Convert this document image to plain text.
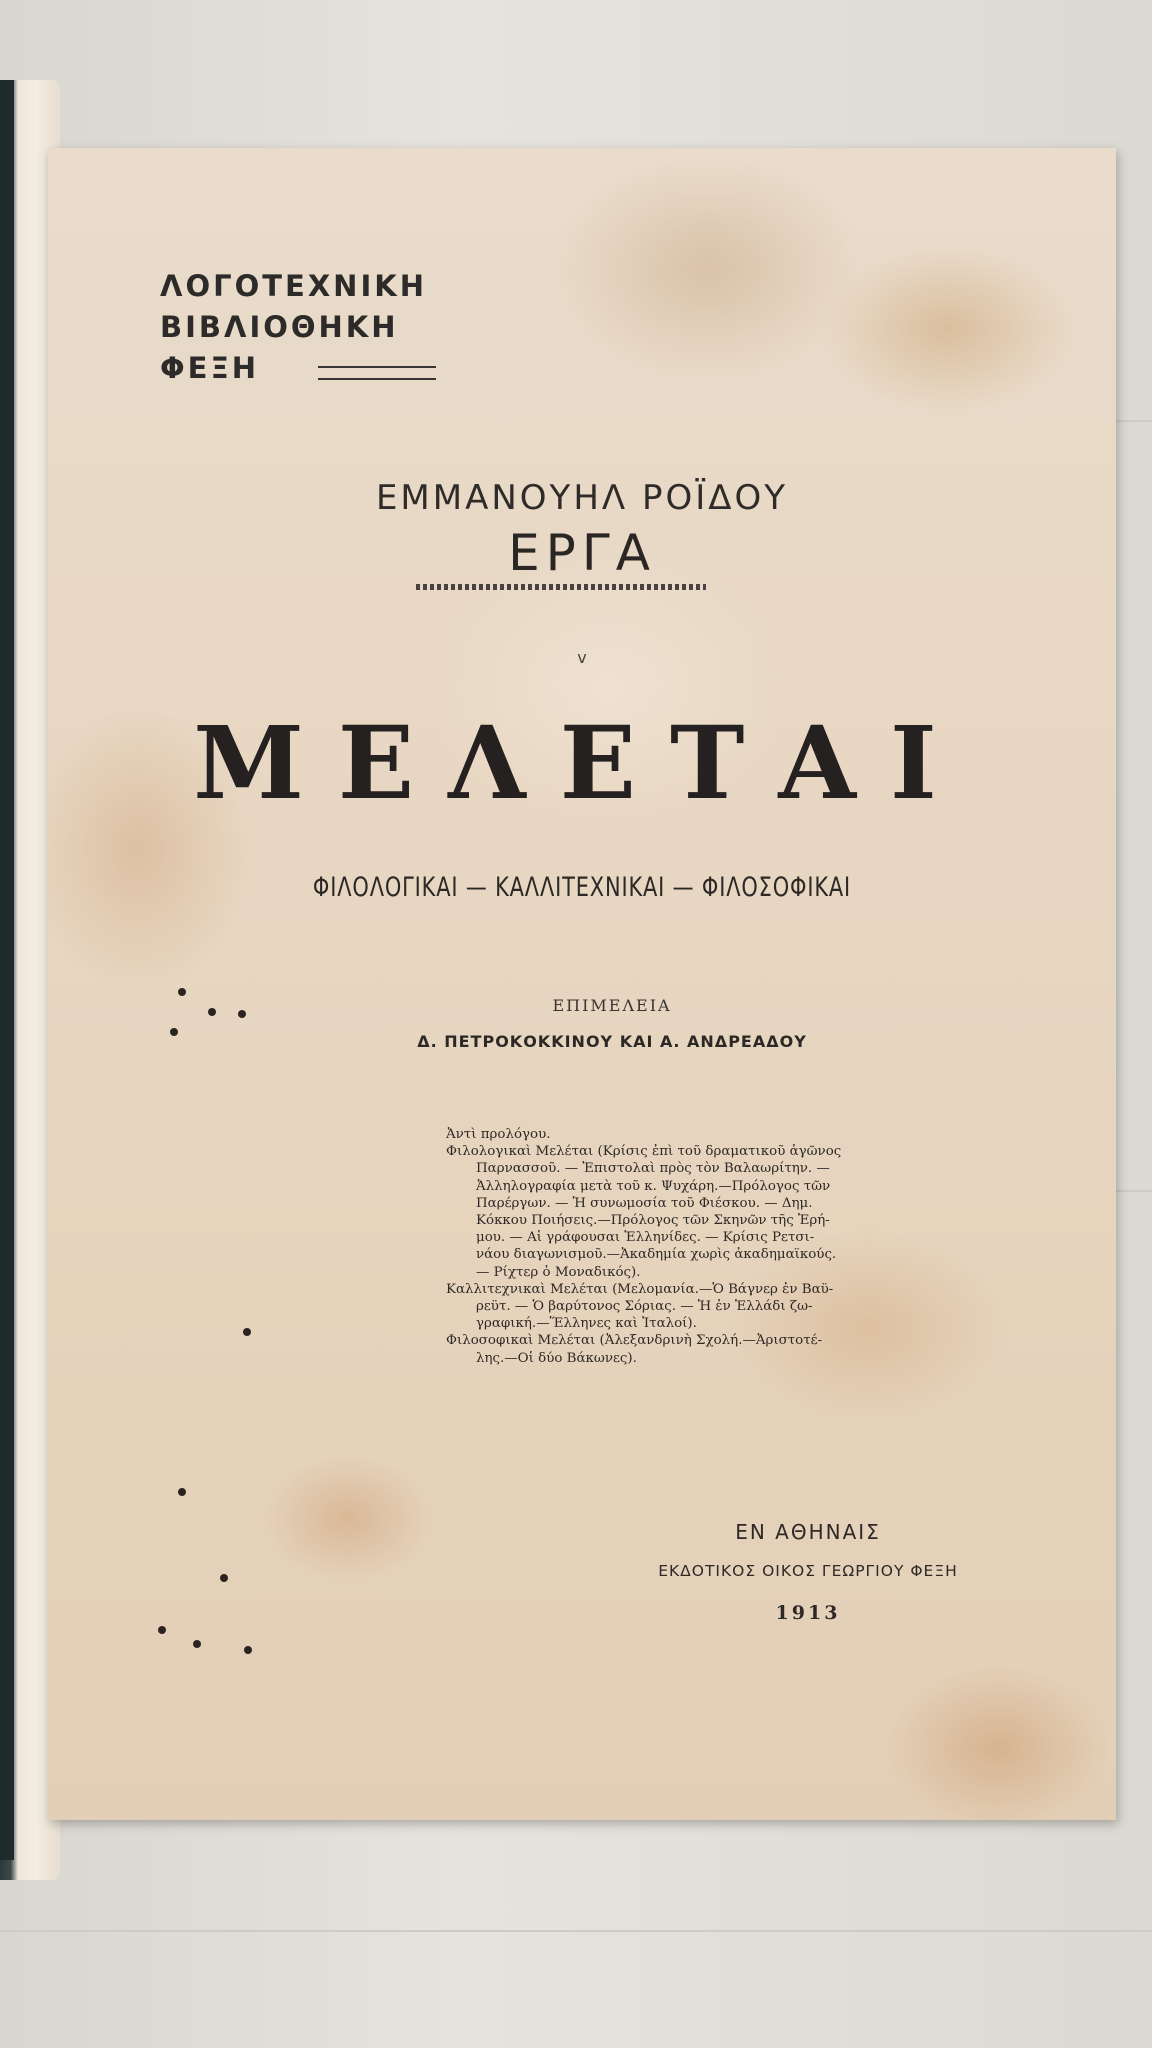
ΛΟΓΟΤΕΧΝΙΚΗ
ΒΙΒΛΙΟΘΗΚΗ
ΦΕΞΗ
ΕΜΜΑΝΟΥΗΛ ΡΟΪΔΟΥ
ΕΡΓΑ
v
ΜΕΛΕΤΑΙ
ΦΙΛΟΛΟΓΙΚΑΙ — ΚΑΛΛΙΤΕΧΝΙΚΑΙ — ΦΙΛΟΣΟΦΙΚΑΙ
ΕΠΙΜΕΛΕΙΑ
Δ. ΠΕΤΡΟΚΟΚΚΙΝΟΥ ΚΑΙ Α. ΑΝΔΡΕΑΔΟΥ
Ἀντὶ προλόγου.
Φιλολογικαὶ Μελέται (Κρίσις ἐπὶ τοῦ δραματικοῦ ἀγῶνος
Παρνασσοῦ. — Ἐπιστολαὶ πρὸς τὸν Βαλαωρίτην. —
Ἀλληλογραφία μετὰ τοῦ κ. Ψυχάρη.—Πρόλογος τῶν
Παρέργων. — Ἡ συνωμοσία τοῦ Φιέσκου. — Δημ.
Κόκκου Ποιήσεις.—Πρόλογος τῶν Σκηνῶν τῆς Ἐρή-
μου. — Αἱ γράφουσαι Ἑλληνίδες. — Κρίσις Ρετσι-
νάου διαγωνισμοῦ.—Ἀκαδημία χωρὶς ἀκαδημαϊκούς.
— Ρίχτερ ὁ Μοναδικός).
Καλλιτεχνικαὶ Μελέται (Μελομανία.—Ὁ Βάγνερ ἐν Βαϋ-
ρεϋτ. — Ὁ βαρύτονος Σόριας. — Ἡ ἐν Ἑλλάδι ζω-
γραφική.—Ἕλληνες καὶ Ἰταλοί).
Φιλοσοφικαὶ Μελέται (Ἀλεξανδρινὴ Σχολή.—Ἀριστοτέ-
λης.—Οἱ δύο Βάκωνες).
ΕΝ ΑΘΗΝΑΙΣ
ΕΚΔΟΤΙΚΟΣ ΟΙΚΟΣ ΓΕΩΡΓΙΟΥ ΦΕΞΗ
1913
